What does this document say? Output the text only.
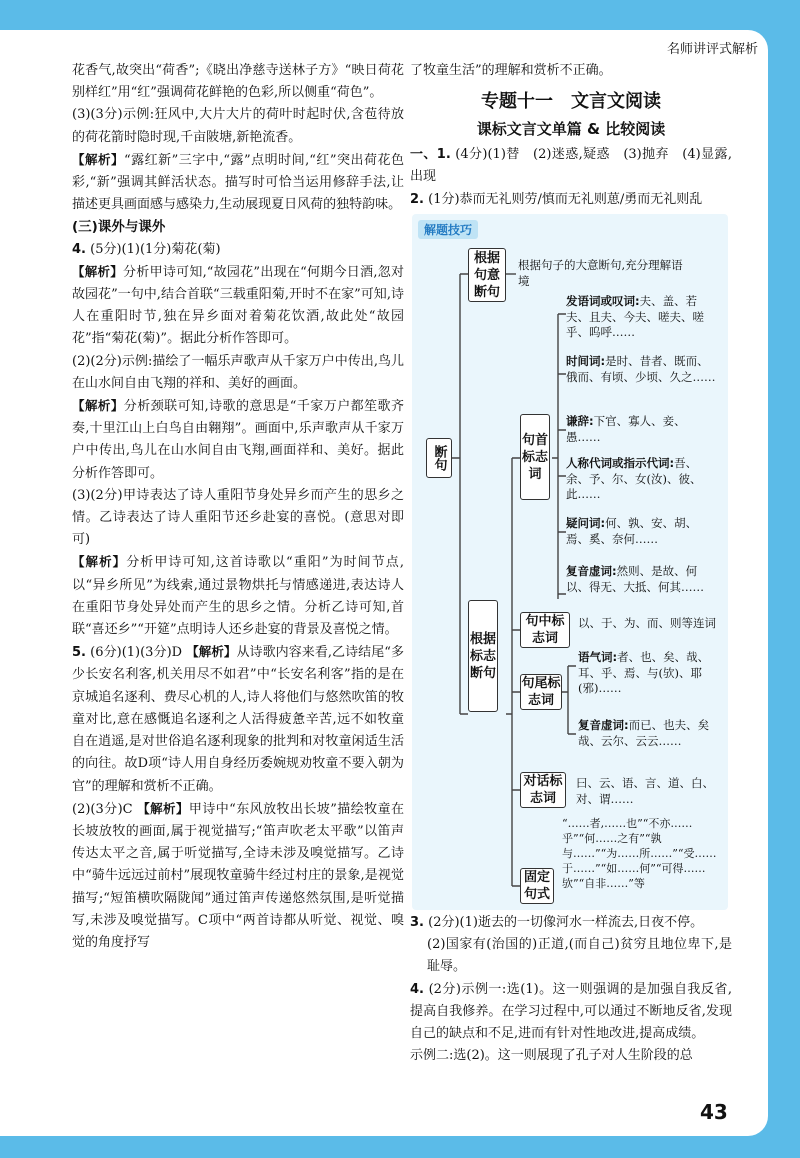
名师讲评式解析

花香气,故突出“荷香”;《晓出净慈寺送林子方》“映日荷花别样红”用“红”强调荷花鲜艳的色彩,所以侧重“荷色”。

(3)(3分)示例:狂风中,大片大片的荷叶时起时伏,含苞待放的荷花箭时隐时现,千亩陂塘,新艳流香。

【解析】“露红新”三字中,“露”点明时间,“红”突出荷花色彩,“新”强调其鲜活状态。描写时可恰当运用修辞手法,让描述更具画面感与感染力,生动展现夏日风荷的独特韵味。

(三)课外与课外

4. (5分)(1)(1分)菊花(菊)

【解析】分析甲诗可知,“故园花”出现在“何期今日酒,忽对故园花”一句中,结合首联“三载重阳菊,开时不在家”可知,诗人在重阳时节,独在异乡面对着菊花饮酒,故此处“故园花”指“菊花(菊)”。据此分析作答即可。

(2)(2分)示例:描绘了一幅乐声歌声从千家万户中传出,鸟儿在山水间自由飞翔的祥和、美好的画面。

【解析】分析颈联可知,诗歌的意思是“千家万户都笙歌齐奏,十里江山上白鸟自由翱翔”。画面中,乐声歌声从千家万户中传出,鸟儿在山水间自由飞翔,画面祥和、美好。据此分析作答即可。

(3)(2分)甲诗表达了诗人重阳节身处异乡而产生的思乡之情。乙诗表达了诗人重阳节还乡赴宴的喜悦。(意思对即可)

【解析】分析甲诗可知,这首诗歌以“重阳”为时间节点,以“异乡所见”为线索,通过景物烘托与情感递进,表达诗人在重阳节身处异处而产生的思乡之情。分析乙诗可知,首联“喜还乡”“开筵”点明诗人还乡赴宴的背景及喜悦之情。

5. (6分)(1)(3分)D 【解析】从诗歌内容来看,乙诗结尾“多少长安名利客,机关用尽不如君”中“长安名利客”指的是在京城追名逐利、费尽心机的人,诗人将他们与悠然吹笛的牧童对比,意在感慨追名逐利之人活得疲惫辛苦,远不如牧童自在逍遥,是对世俗追名逐利现象的批判和对牧童闲适生活的向往。故D项“诗人用自身经历委婉规劝牧童不要入朝为官”的理解和赏析不正确。

(2)(3分)C 【解析】甲诗中“东风放牧出长坡”描绘牧童在长坡放牧的画面,属于视觉描写;“笛声吹老太平歌”以笛声传达太平之音,属于听觉描写,全诗未涉及嗅觉描写。乙诗中“骑牛远远过前村”展现牧童骑牛经过村庄的景象,是视觉描写;“短笛横吹隔陇闻”通过笛声传递悠然氛围,是听觉描写,未涉及嗅觉描写。C项中“两首诗都从听觉、视觉、嗅觉的角度抒写

了牧童生活”的理解和赏析不正确。

专题十一　文言文阅读
课标文言文单篇 & 比较阅读

一、1. (4分)(1)替　(2)迷惑,疑惑　(3)抛弃　(4)显露,出现

2. (1分)恭而无礼则劳/慎而无礼则葸/勇而无礼则乱

解题技巧
断句
根据句意断句
根据句子的大意断句,充分理解语境
根据标志断句
句首标志词
发语词或叹词:夫、盖、若夫、且夫、今夫、嗟夫、嗟乎、呜呼……
时间词:是时、昔者、既而、俄而、有顷、少顷、久之……
谦辞:下官、寡人、妾、愚……
人称代词或指示代词:吾、余、予、尔、女(汝)、彼、此……
疑问词:何、孰、安、胡、焉、奚、奈何……
复音虚词:然则、是故、何以、得无、大抵、何其……
句中标志词
以、于、为、而、则等连词
句尾标志词
语气词:者、也、矣、哉、耳、乎、焉、与(欤)、耶(邪)……
复音虚词:而已、也夫、矣哉、云尔、云云……
对话标志词
曰、云、语、言、道、白、对、谓……
固定句式
“……者,……也”“不亦……乎”“何……之有”“孰与……”“为……所……”“受……于……”“如……何”“可得……欤”“自非……”等

3. (2分)(1)逝去的一切像河水一样流去,日夜不停。

(2)国家有(治国的)正道,(而自己)贫穷且地位卑下,是耻辱。

4. (2分)示例一:选(1)。这一则强调的是加强自我反省,提高自我修养。在学习过程中,可以通过不断地反省,发现自己的缺点和不足,进而有针对性地改进,提高成绩。

示例二:选(2)。这一则展现了孔子对人生阶段的总

43
